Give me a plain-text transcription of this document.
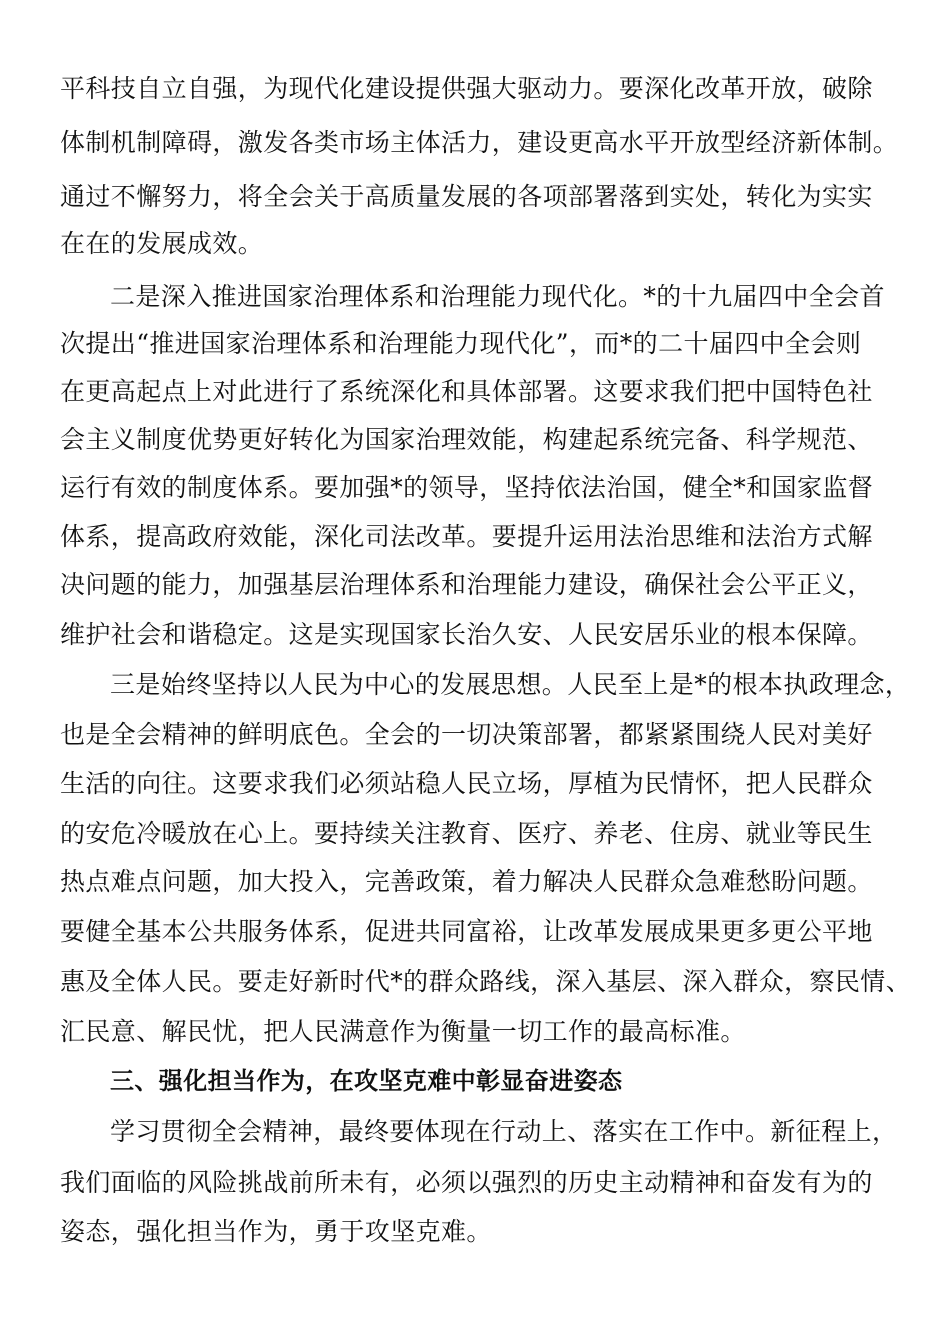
平科技自立自强，为现代化建设提供强大驱动力。要深化改革开放，破除
体制机制障碍，激发各类市场主体活力，建设更高水平开放型经济新体制。
通过不懈努力，将全会关于高质量发展的各项部署落到实处，转化为实实
在在的发展成效。
二是深入推进国家治理体系和治理能力现代化。*的十九届四中全会首
次提出“推进国家治理体系和治理能力现代化”，而*的二十届四中全会则
在更高起点上对此进行了系统深化和具体部署。这要求我们把中国特色社
会主义制度优势更好转化为国家治理效能，构建起系统完备、科学规范、
运行有效的制度体系。要加强*的领导，坚持依法治国，健全*和国家监督
体系，提高政府效能，深化司法改革。要提升运用法治思维和法治方式解
决问题的能力，加强基层治理体系和治理能力建设，确保社会公平正义，
维护社会和谐稳定。这是实现国家长治久安、人民安居乐业的根本保障。
三是始终坚持以人民为中心的发展思想。人民至上是*的根本执政理念，
也是全会精神的鲜明底色。全会的一切决策部署，都紧紧围绕人民对美好
生活的向往。这要求我们必须站稳人民立场，厚植为民情怀，把人民群众
的安危冷暖放在心上。要持续关注教育、医疗、养老、住房、就业等民生
热点难点问题，加大投入，完善政策，着力解决人民群众急难愁盼问题。
要健全基本公共服务体系，促进共同富裕，让改革发展成果更多更公平地
惠及全体人民。要走好新时代*的群众路线，深入基层、深入群众，察民情、
汇民意、解民忧，把人民满意作为衡量一切工作的最高标准。
三、强化担当作为，在攻坚克难中彰显奋进姿态
学习贯彻全会精神，最终要体现在行动上、落实在工作中。新征程上，
我们面临的风险挑战前所未有，必须以强烈的历史主动精神和奋发有为的
姿态，强化担当作为，勇于攻坚克难。
